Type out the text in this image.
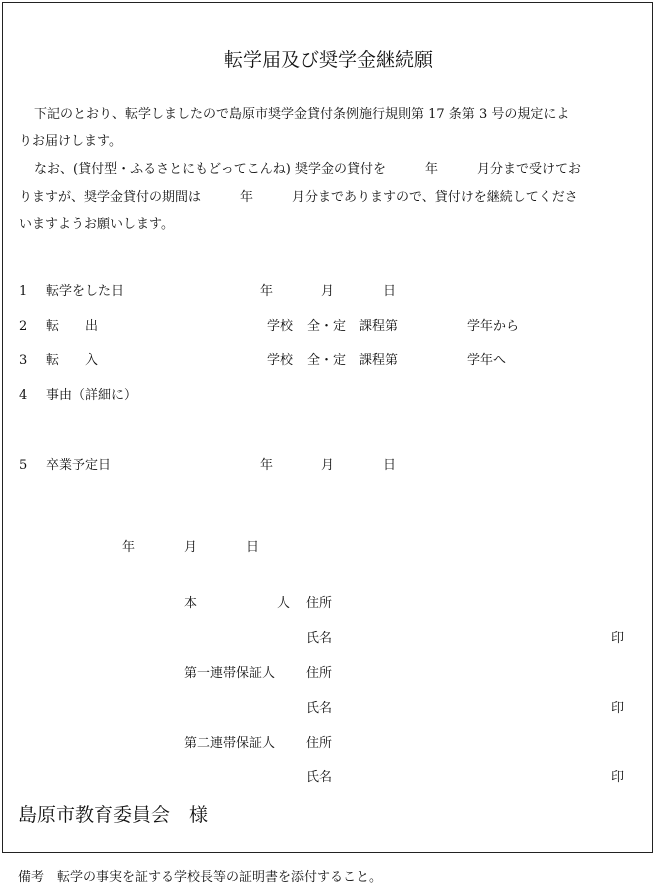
転学届及び奨学金継続願
下記のとおり、転学しましたので島原市奨学金貸付条例施行規則第 17 条第 3 号の規定によ
りお届けします。
なお、(貸付型・ふるさとにもどってこんね) 奨学金の貸付を　　　年　　　月分まで受けてお
りますが、奨学金貸付の期間は　　　年　　　月分までありますので、貸付けを継続してくださ
いますようお願いします。
1 転学をした日	年	月	日
2 転　　出	学校 全・定 課程第	学年から
3 転　　入	学校 全・定 課程第	学年へ
4 事由（詳細に）
5 卒業予定日	年	月	日
年	月	日
本	人 住所
氏名	印
第一連帯保証人 住所
氏名	印
第二連帯保証人 住所
氏名	印
島原市教育委員会　様
備考　転学の事実を証する学校長等の証明書を添付すること。
